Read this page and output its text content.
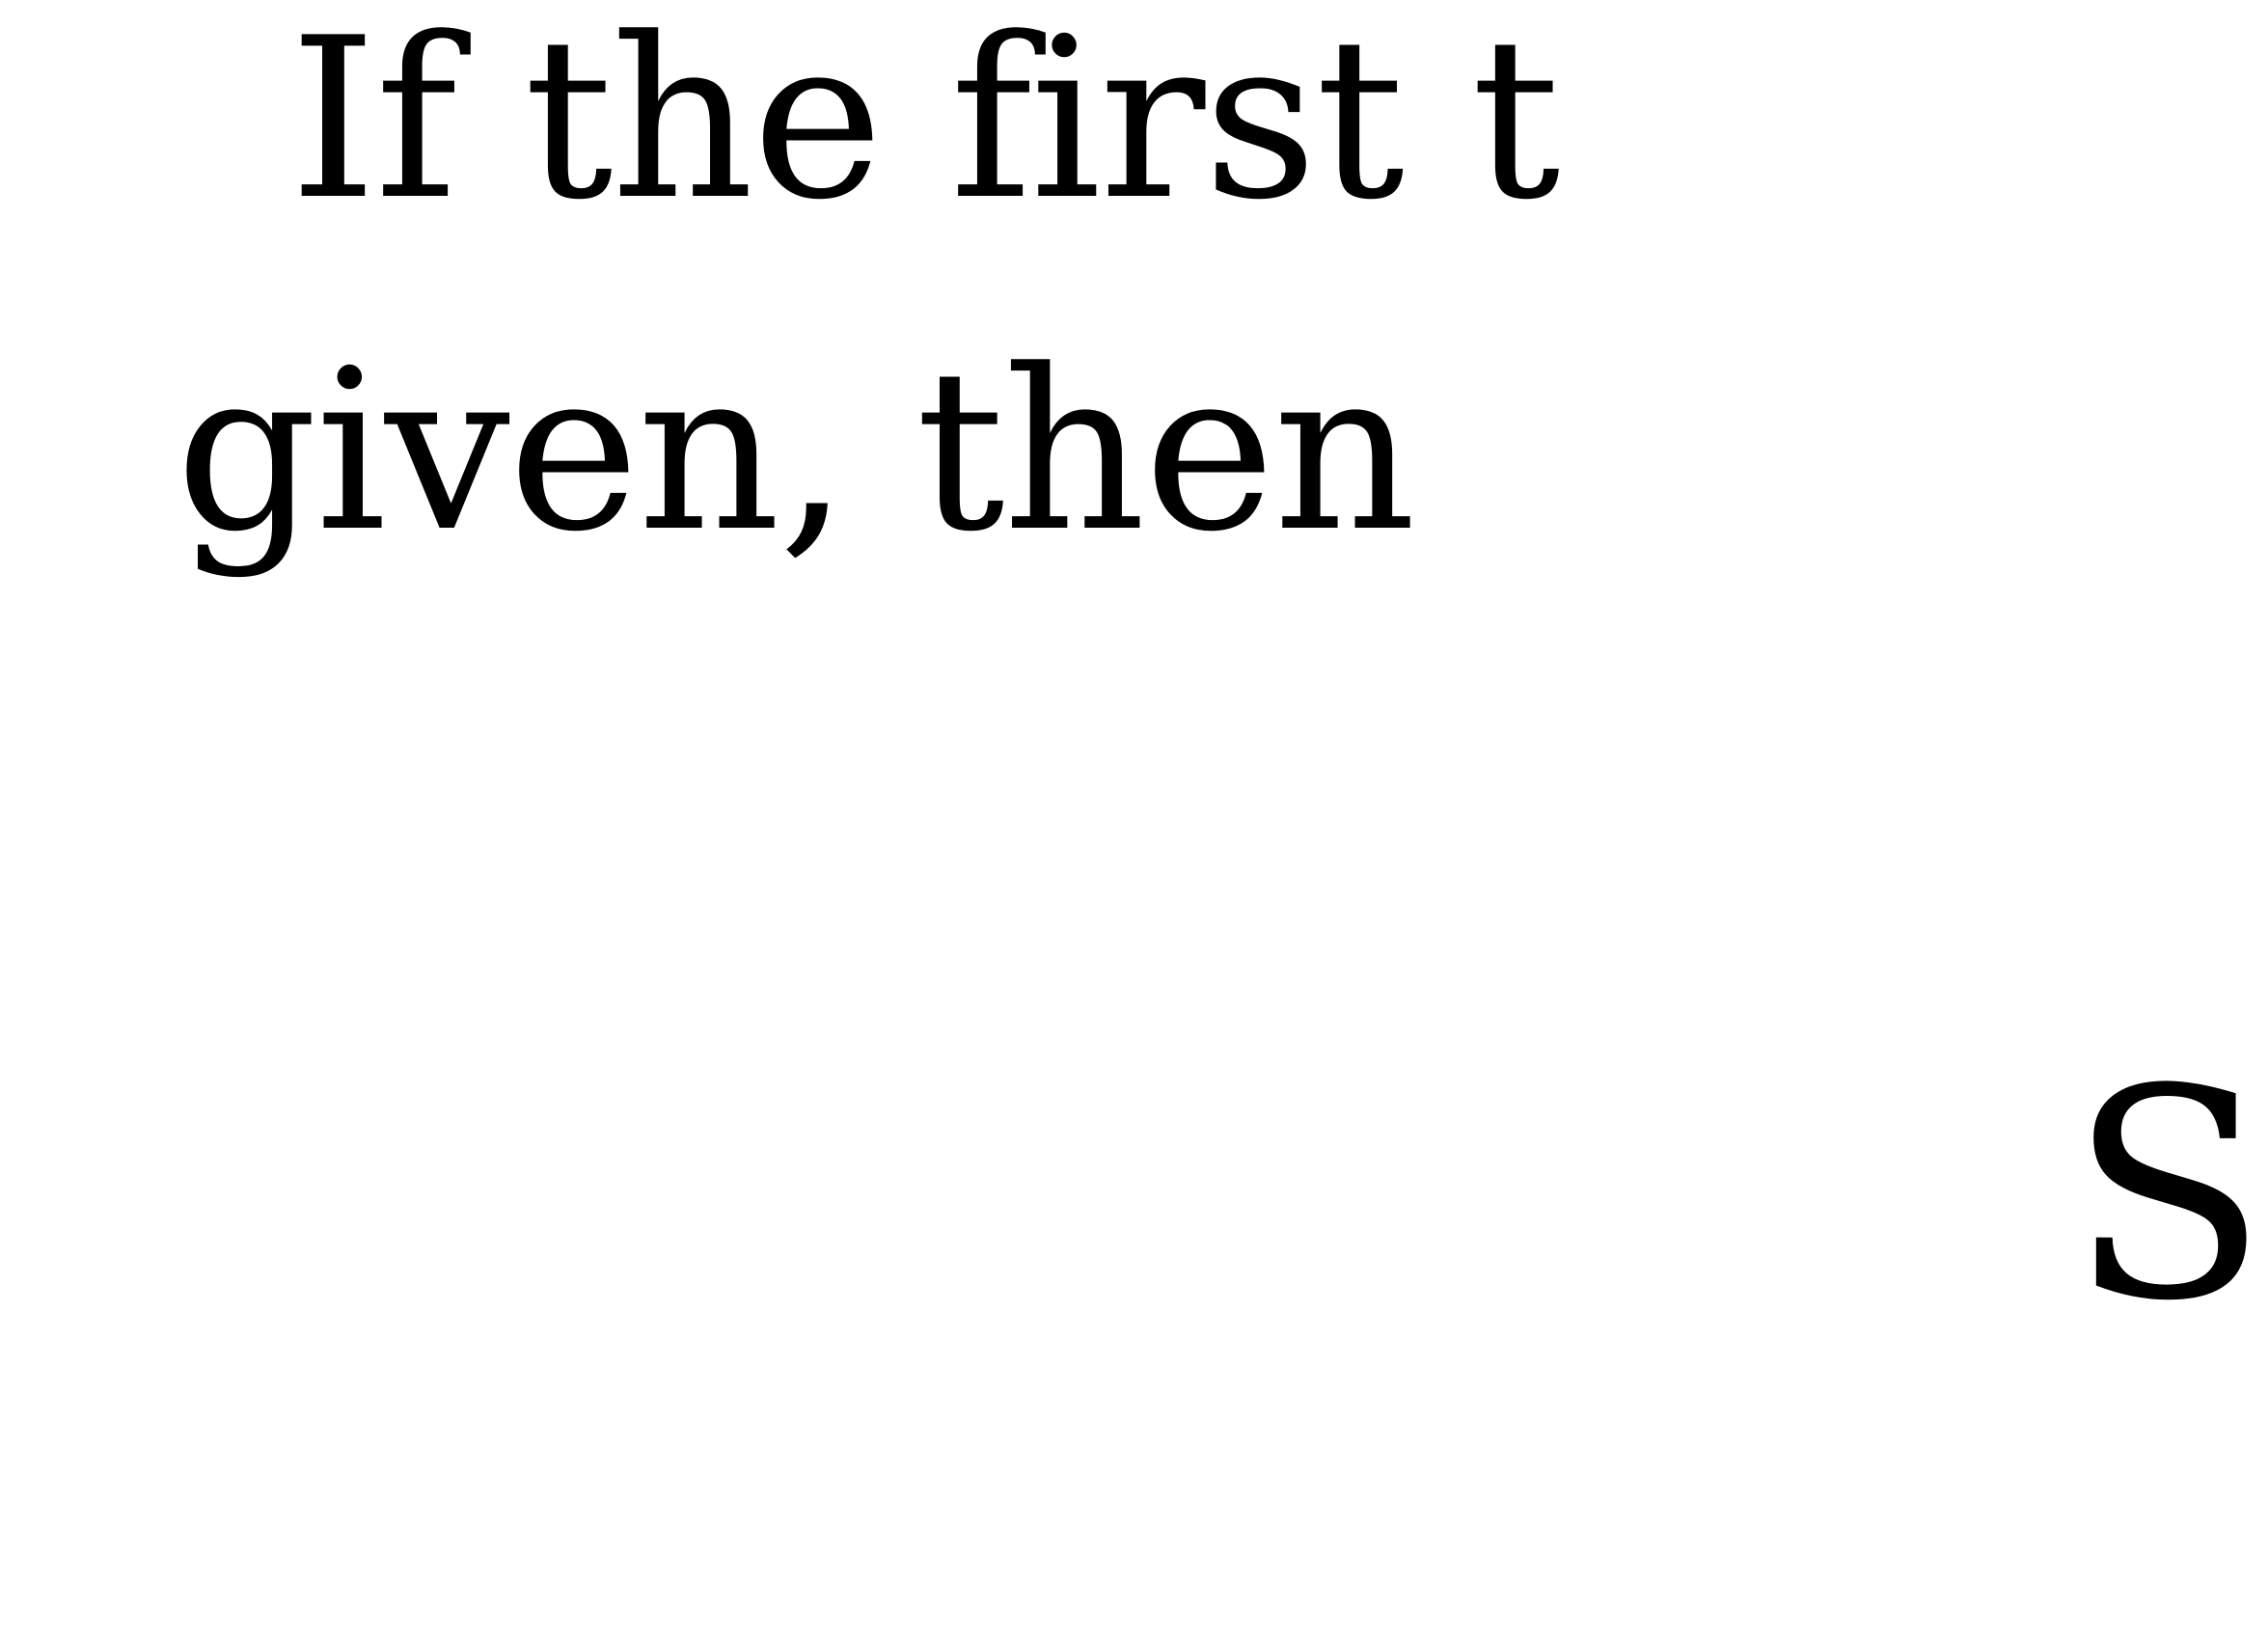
If the first t

given, then

S
